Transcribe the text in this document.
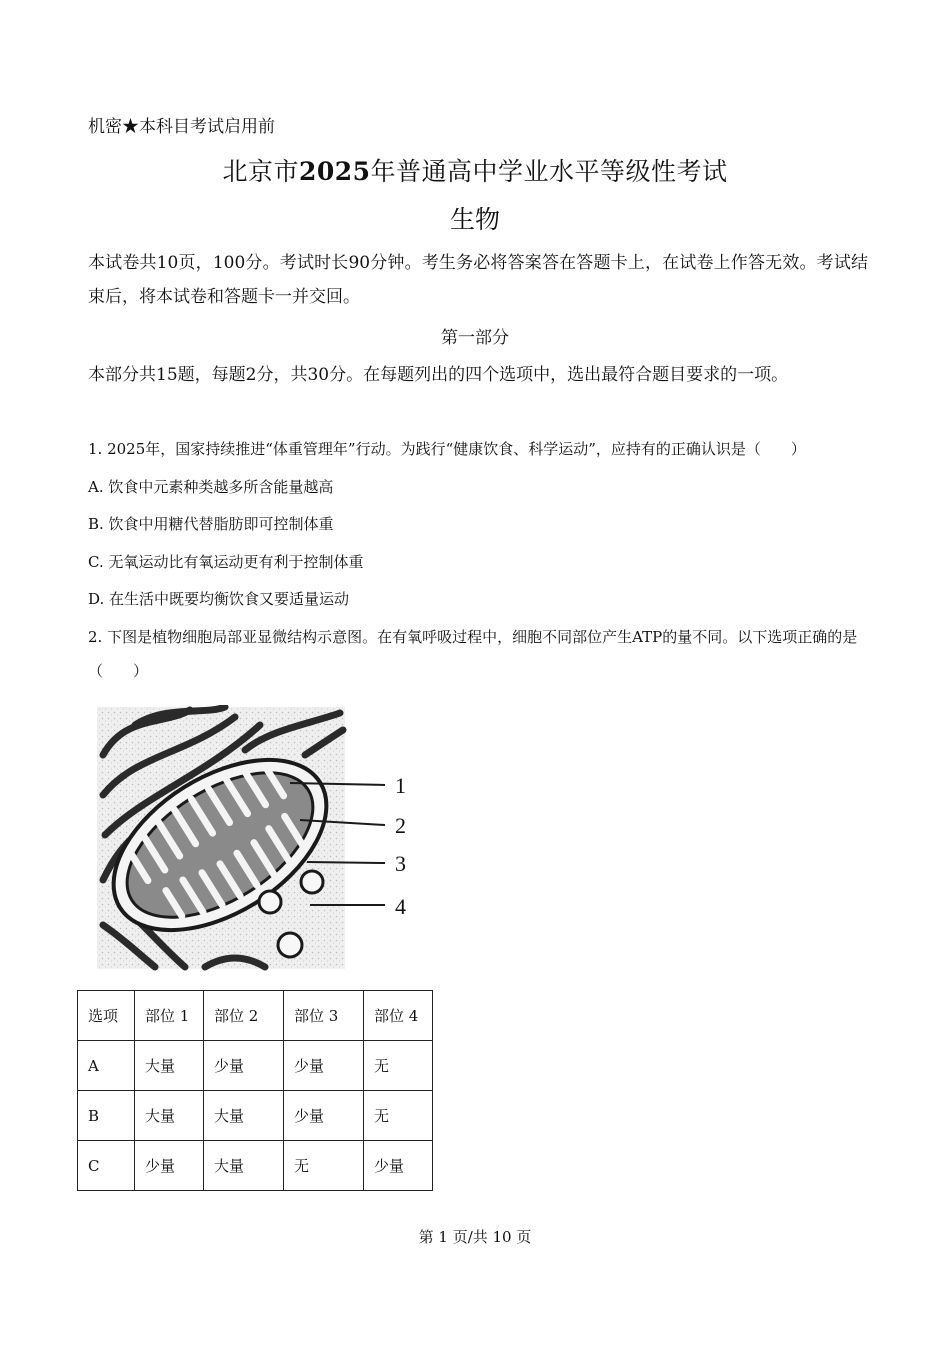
机密★本科目考试启用前
北京市2025年普通高中学业水平等级性考试
生物
本试卷共10页，100分。考试时长90分钟。考生务必将答案答在答题卡上，在试卷上作答无效。考试结束后，将本试卷和答题卡一并交回。
第一部分
本部分共15题，每题2分，共30分。在每题列出的四个选项中，选出最符合题目要求的一项。
1. 2025年，国家持续推进“体重管理年”行动。为践行“健康饮食、科学运动”，应持有的正确认识是（　　）
A. 饮食中元素种类越多所含能量越高
B. 饮食中用糖代替脂肪即可控制体重
C. 无氧运动比有氧运动更有利于控制体重
D. 在生活中既要均衡饮食又要适量运动
2. 下图是植物细胞局部亚显微结构示意图。在有氧呼吸过程中，细胞不同部位产生ATP的量不同。以下选项正确的是（　　）
1
2
3
4
选项	部位 1	部位 2	部位 3	部位 4
A	大量	少量	少量	无
B	大量	大量	少量	无
C	少量	大量	无	少量
第 1 页/共 10 页
